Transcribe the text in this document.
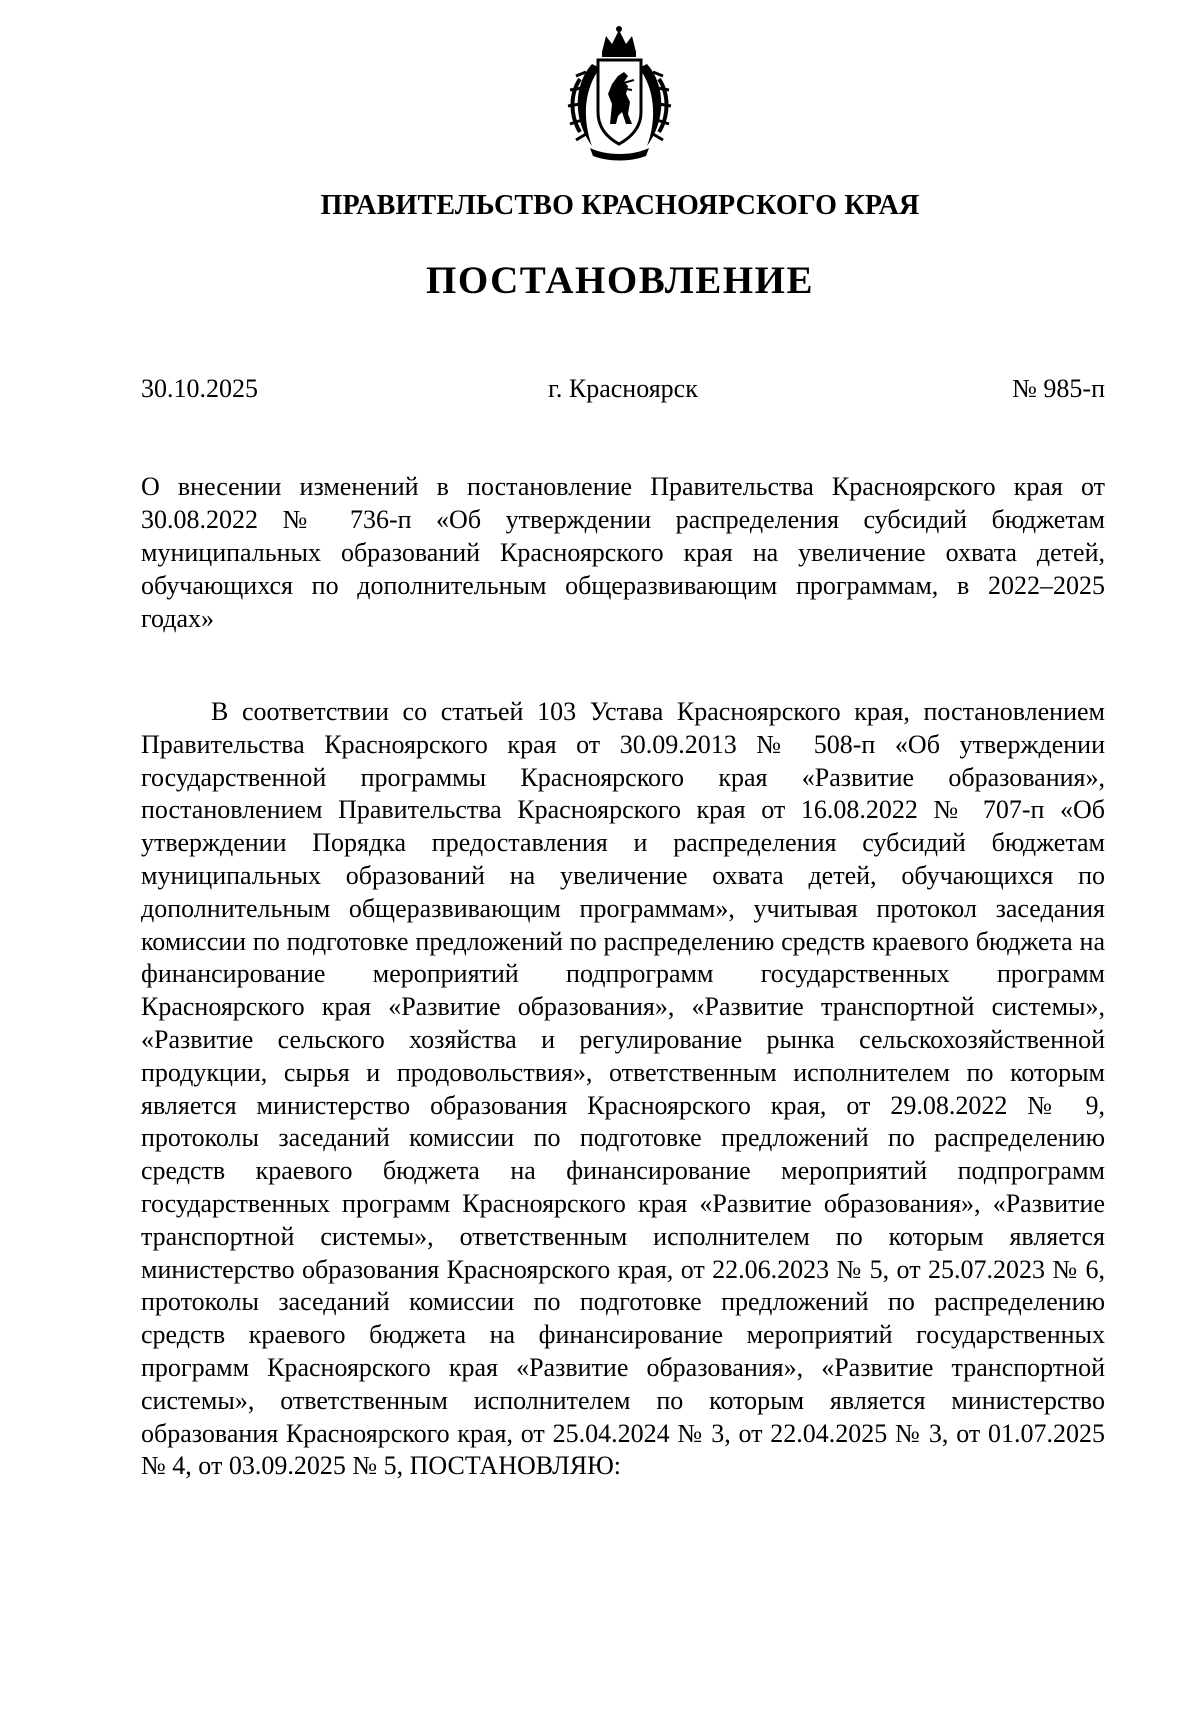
ПРАВИТЕЛЬСТВО КРАСНОЯРСКОГО КРАЯ
ПОСТАНОВЛЕНИЕ
30.10.2025	г. Красноярск	№ 985-п

О внесении изменений в постановление Правительства Красноярского края от 30.08.2022 № 736-п «Об утверждении распределения субсидий бюджетам муниципальных образований Красноярского края на увеличение охвата детей, обучающихся по дополнительным общеразвивающим программам, в 2022–2025 годах»

В соответствии со статьей 103 Устава Красноярского края, постановлением Правительства Красноярского края от 30.09.2013 № 508-п «Об утверждении государственной программы Красноярского края «Развитие образования», постановлением Правительства Красноярского края от 16.08.2022 № 707-п «Об утверждении Порядка предоставления и распределения субсидий бюджетам муниципальных образований на увеличение охвата детей, обучающихся по дополнительным общеразвивающим программам», учитывая протокол заседания комиссии по подготовке предложений по распределению средств краевого бюджета на финансирование мероприятий подпрограмм государственных программ Красноярского края «Развитие образования», «Развитие транспортной системы», «Развитие сельского хозяйства и регулирование рынка сельскохозяйственной продукции, сырья и продовольствия», ответственным исполнителем по которым является министерство образования Красноярского края, от 29.08.2022 № 9, протоколы заседаний комиссии по подготовке предложений по распределению средств краевого бюджета на финансирование мероприятий подпрограмм государственных программ Красноярского края «Развитие образования», «Развитие транспортной системы», ответственным исполнителем по которым является министерство образования Красноярского края, от 22.06.2023 № 5, от 25.07.2023 № 6, протоколы заседаний комиссии по подготовке предложений по распределению средств краевого бюджета на финансирование мероприятий государственных программ Красноярского края «Развитие образования», «Развитие транспортной системы», ответственным исполнителем по которым является министерство образования Красноярского края, от 25.04.2024 № 3, от 22.04.2025 № 3, от 01.07.2025 № 4, от 03.09.2025 № 5, ПОСТАНОВЛЯЮ:
